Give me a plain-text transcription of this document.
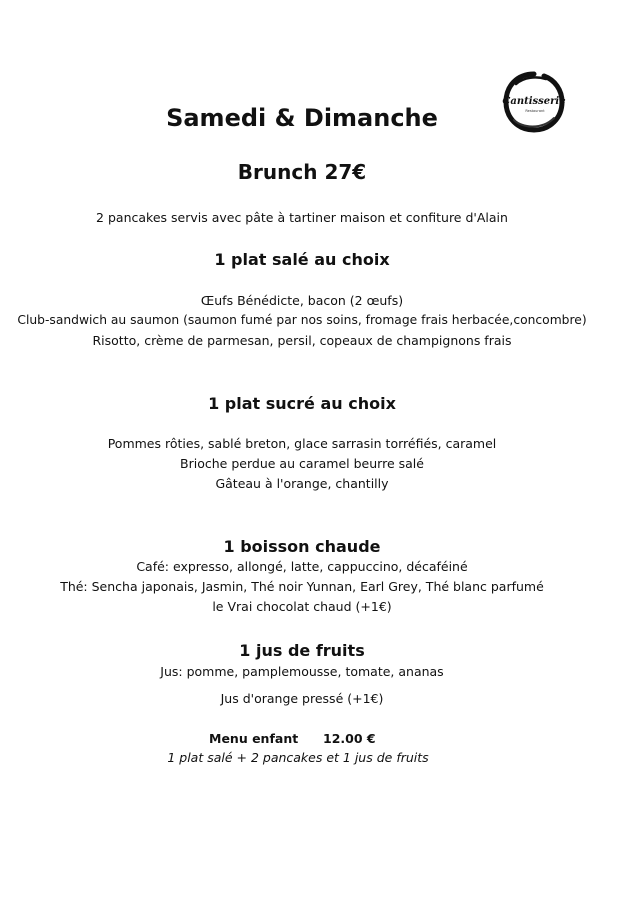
Cantisserie
Restaurant
Samedi & Dimanche
Brunch 27€
2 pancakes servis avec pâte à tartiner maison et confiture d'Alain
1 plat salé au choix
Œufs Bénédicte, bacon (2 œufs)
Club-sandwich au saumon (saumon fumé par nos soins, fromage frais herbacée,concombre)
Risotto, crème de parmesan, persil, copeaux de champignons frais
1 plat sucré au choix
Pommes rôties, sablé breton, glace sarrasin torréfiés, caramel
Brioche perdue au caramel beurre salé
Gâteau à l'orange, chantilly
1 boisson chaude
Café: expresso, allongé, latte, cappuccino, décaféiné
Thé: Sencha japonais, Jasmin, Thé noir Yunnan, Earl Grey, Thé blanc parfumé
le Vrai chocolat chaud (+1€)
1 jus de fruits
Jus: pomme, pamplemousse, tomate, ananas
Jus d'orange pressé (+1€)
Menu enfant 12.00 €
1 plat salé + 2 pancakes et 1 jus de fruits
